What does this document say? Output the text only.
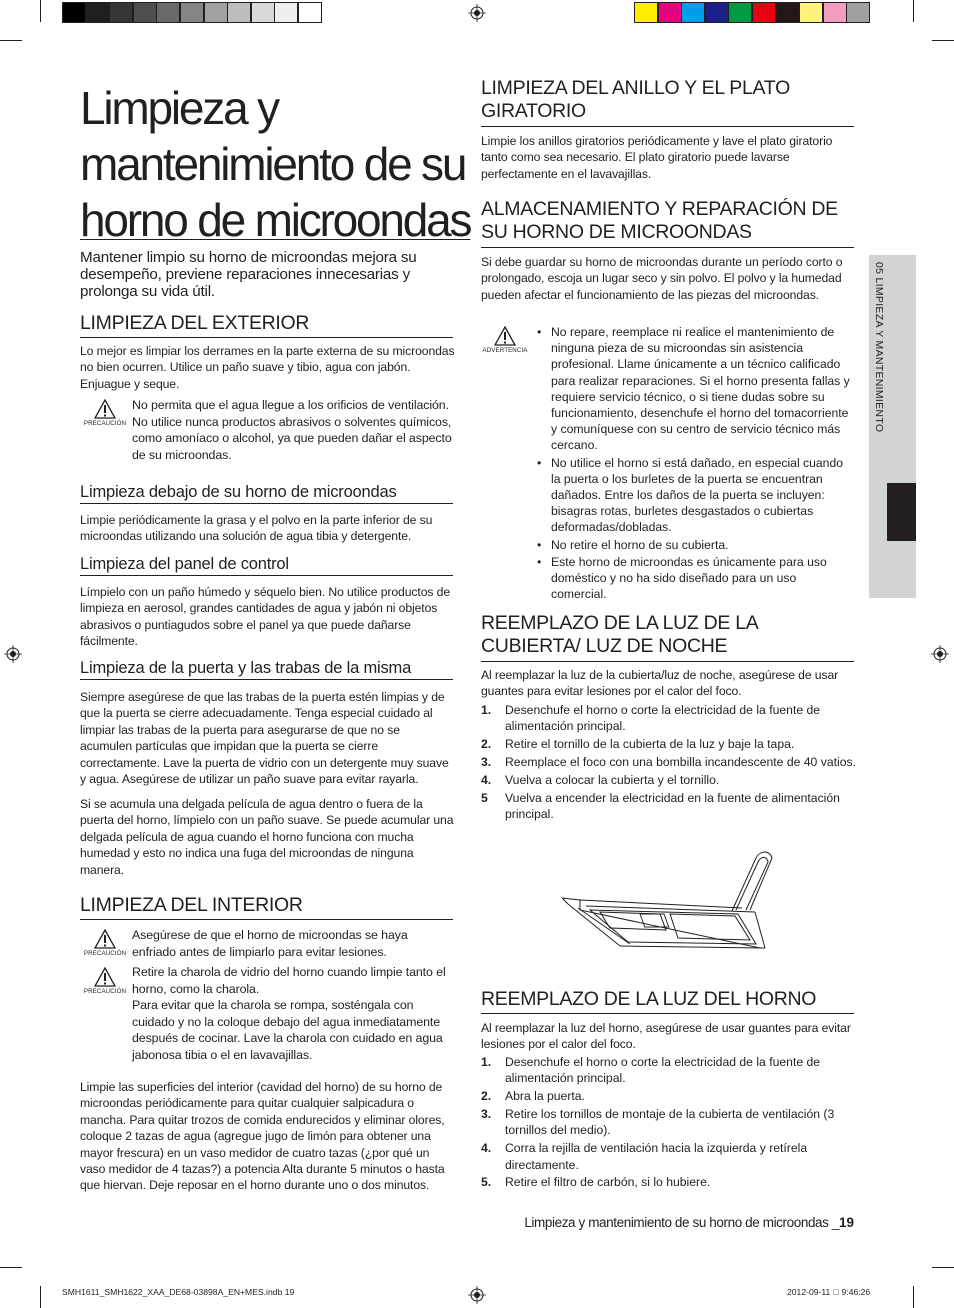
05 LIMPIEZA Y MANTENIMIENTO
Limpieza y
mantenimiento de su
horno de microondas
Mantener limpio su horno de microondas mejora su desempeño, previene reparaciones innecesarias y prolonga su vida útil.
LIMPIEZA DEL EXTERIOR

Lo mejor es limpiar los derrames en la parte externa de su microondas no bien ocurren. Utilice un paño suave y tibio, agua con jabón. Enjuague y seque.

PRECAUCIÓN
No permita que el agua llegue a los orificios de ventilación. No utilice nunca productos abrasivos o solventes químicos, como amoníaco o alcohol, ya que pueden dañar el aspecto de su microondas.
Limpieza debajo de su horno de microondas

Limpie periódicamente la grasa y el polvo en la parte inferior de su microondas utilizando una solución de agua tibia y detergente.

Limpieza del panel de control

Límpielo con un paño húmedo y séquelo bien. No utilice productos de limpieza en aerosol, grandes cantidades de agua y jabón ni objetos abrasivos o puntiagudos sobre el panel ya que puede dañarse fácilmente.

Limpieza de la puerta y las trabas de la misma

Siempre asegúrese de que las trabas de la puerta estén limpias y de que la puerta se cierre adecuadamente. Tenga especial cuidado al limpiar las trabas de la puerta para asegurarse de que no se acumulen partículas que impidan que la puerta se cierre correctamente. Lave la puerta de vidrio con un detergente muy suave y agua. Asegúrese de utilizar un paño suave para evitar rayarla.

Si se acumula una delgada película de agua dentro o fuera de la puerta del horno, límpielo con un paño suave. Se puede acumular una delgada película de agua cuando el horno funciona con mucha humedad y esto no indica una fuga del microondas de ninguna manera.

LIMPIEZA DEL INTERIOR
PRECAUCIÓN
Asegúrese de que el horno de microondas se haya enfriado antes de limpiarlo para evitar lesiones.
PRECAUCIÓN
Retire la charola de vidrio del horno cuando limpie tanto el horno, como la charola.
Para evitar que la charola se rompa, sosténgala con cuidado y no la coloque debajo del agua inmediatamente después de cocinar. Lave la charola con cuidado en agua jabonosa tibia o el en lavavajillas.

Limpie las superficies del interior (cavidad del horno) de su horno de microondas periódicamente para quitar cualquier salpicadura o mancha. Para quitar trozos de comida endurecidos y eliminar olores, coloque 2 tazas de agua (agregue jugo de limón para obtener una mayor frescura) en un vaso medidor de cuatro tazas (¿por qué un vaso medidor de 4 tazas?) a potencia Alta durante 5 minutos o hasta que hiervan. Deje reposar en el horno durante uno o dos minutos.

LIMPIEZA DEL ANILLO Y EL PLATO GIRATORIO

Limpie los anillos giratorios periódicamente y lave el plato giratorio tanto como sea necesario. El plato giratorio puede lavarse perfectamente en el lavavajillas.

ALMACENAMIENTO Y REPARACIÓN DE SU HORNO DE MICROONDAS

Si debe guardar su horno de microondas durante un período corto o prolongado, escoja un lugar seco y sin polvo. El polvo y la humedad pueden afectar el funcionamiento de las piezas del microondas.

ADVERTENCIA
• No repare, reemplace ni realice el mantenimiento de ninguna pieza de su microondas sin asistencia profesional. Llame únicamente a un técnico calificado para realizar reparaciones. Si el horno presenta fallas y requiere servicio técnico, o si tiene dudas sobre su funcionamiento, desenchufe el horno del tomacorriente y comuníquese con su centro de servicio técnico más cercano.
• No utilice el horno si está dañado, en especial cuando la puerta o los burletes de la puerta se encuentran dañados. Entre los daños de la puerta se incluyen: bisagras rotas, burletes desgastados o cubiertas deformadas/dobladas.
• No retire el horno de su cubierta.
• Este horno de microondas es únicamente para uso doméstico y no ha sido diseñado para un uso comercial.
REEMPLAZO DE LA LUZ DE LA CUBIERTA/ LUZ DE NOCHE

Al reemplazar la luz de la cubierta/luz de noche, asegúrese de usar guantes para evitar lesiones por el calor del foco.

1. Desenchufe el horno o corte la electricidad de la fuente de alimentación principal.
2. Retire el tornillo de la cubierta de la luz y baje la tapa.
3. Reemplace el foco con una bombilla incandescente de 40 vatios.
4. Vuelva a colocar la cubierta y el tornillo.
5 Vuelva a encender la electricidad en la fuente de alimentación principal.
REEMPLAZO DE LA LUZ DEL HORNO

Al reemplazar la luz del horno, asegúrese de usar guantes para evitar lesiones por el calor del foco.

1. Desenchufe el horno o corte la electricidad de la fuente de alimentación principal.
2. Abra la puerta.
3. Retire los tornillos de montaje de la cubierta de ventilación (3 tornillos del medio).
4. Corra la rejilla de ventilación hacia la izquierda y retírela directamente.
5. Retire el filtro de carbón, si lo hubiere.
Limpieza y mantenimiento de su horno de microondas _19
SMH1611_SMH1622_XAA_DE68-03898A_EN+MES.indb 19	2012-09-11   9:46:26
